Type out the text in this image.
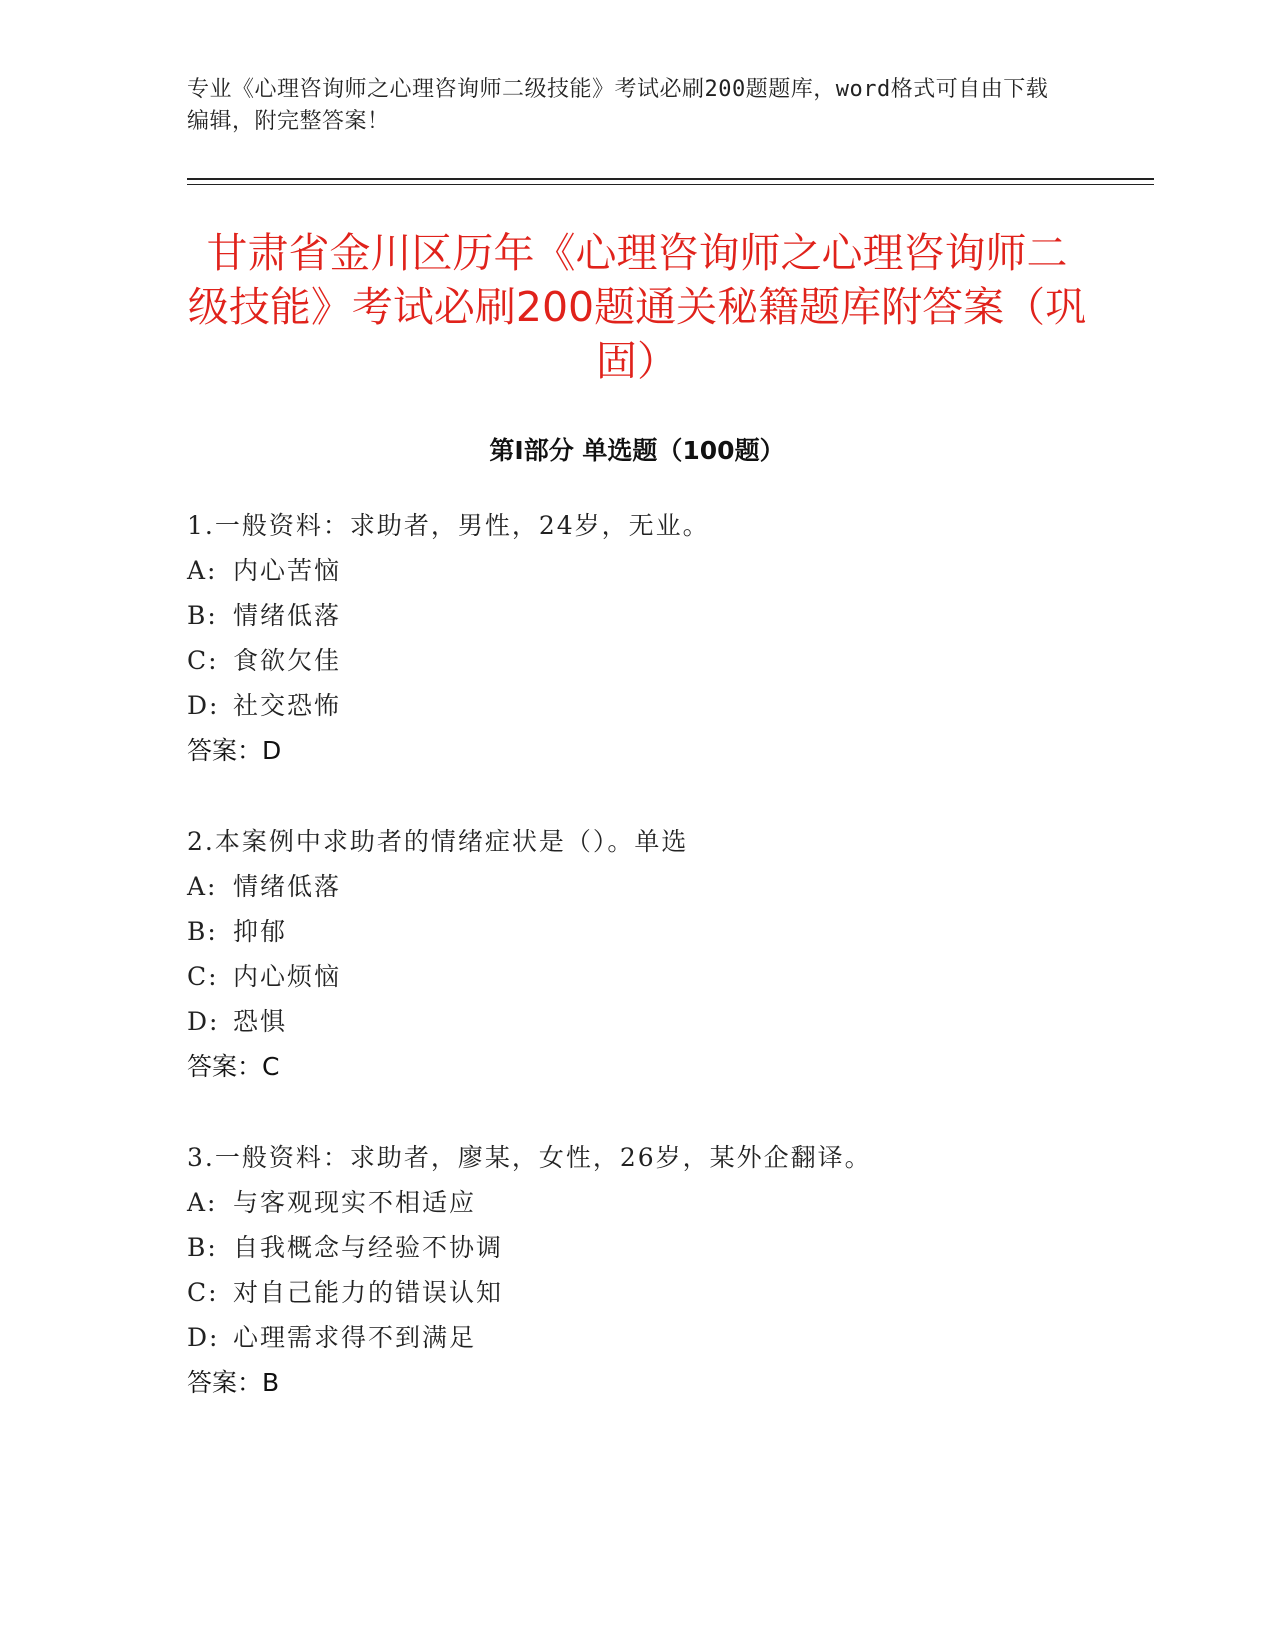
专业《心理咨询师之心理咨询师二级技能》考试必刷200题题库，word格式可自由下载编辑，附完整答案！
甘肃省金川区历年《心理咨询师之心理咨询师二级技能》考试必刷200题通关秘籍题库附答案（巩固）
第Ⅰ部分 单选题（100题）
1.一般资料：求助者，男性，24岁，无业。
A: 内心苦恼
B: 情绪低落
C: 食欲欠佳
D: 社交恐怖
答案：D
2.本案例中求助者的情绪症状是（）。单选
A: 情绪低落
B: 抑郁
C: 内心烦恼
D: 恐惧
答案：C
3.一般资料：求助者，廖某，女性，26岁，某外企翻译。
A: 与客观现实不相适应
B: 自我概念与经验不协调
C: 对自己能力的错误认知
D: 心理需求得不到满足
答案：B
